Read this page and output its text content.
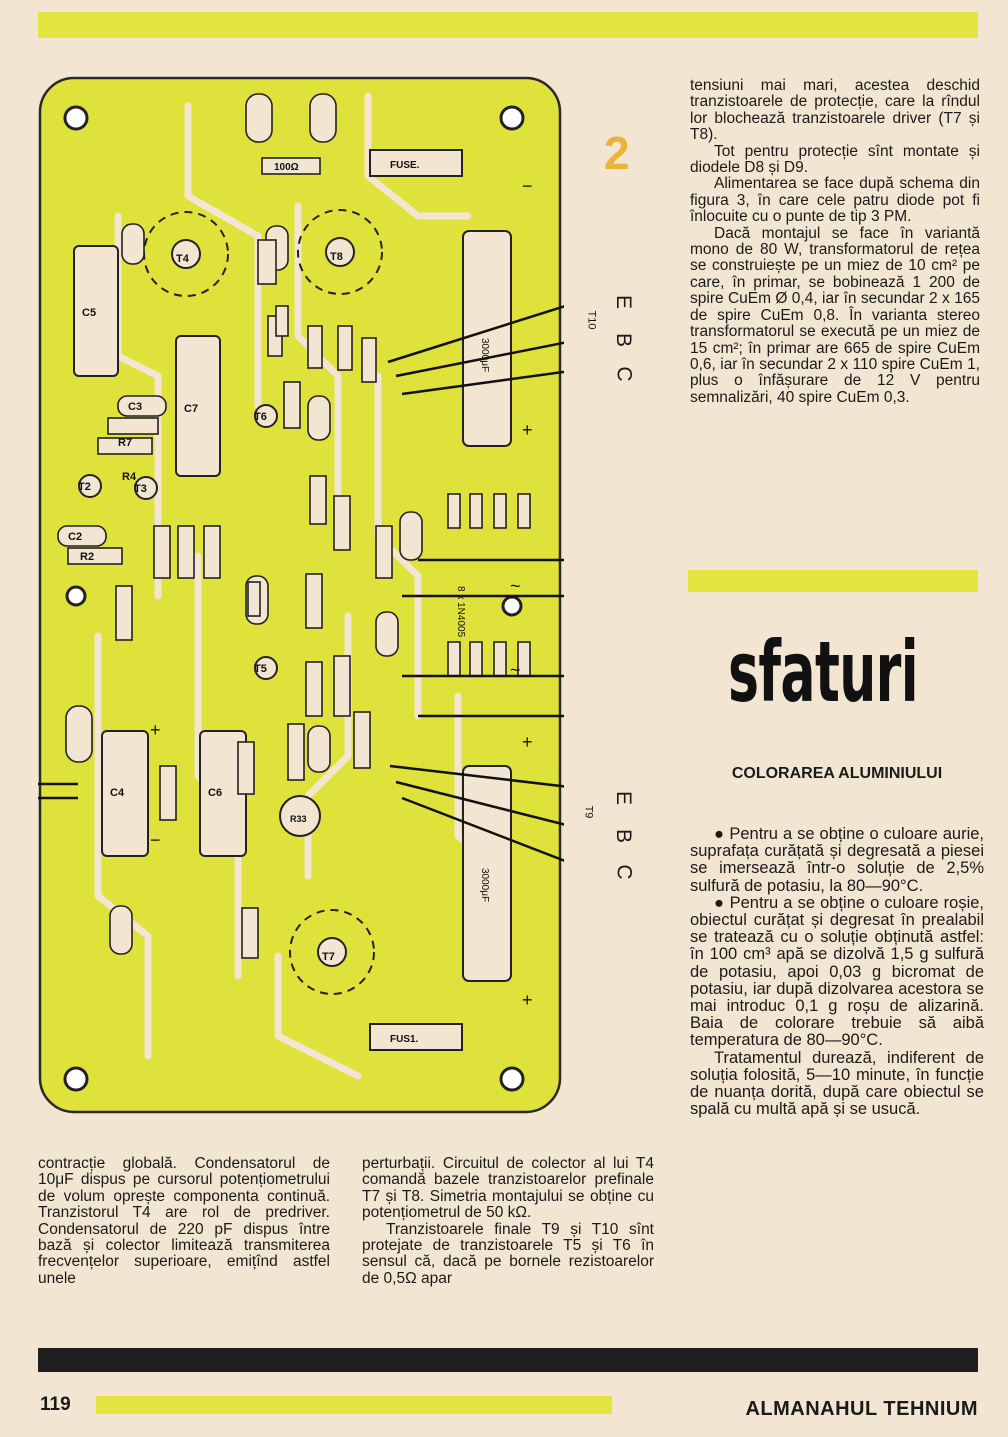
100Ω	FUSE.
FUS1.
C5
C7
C4	C6
T4	T8
T7
T2	T3
T6
T5
R4
R7
C3
C2
R2
R33
3000μF
3000μF
8 x 1N4005
−
+
+
+
+
−
~
~
2
E
B
C
T10
E
B
C
T9

tensiuni mai mari, acestea deschid tranzistoarele de protecție, care la rîndul lor blochează tranzistoarele driver (T7 și T8).

Tot pentru protecție sînt montate și diodele D8 și D9.

Alimentarea se face după schema din figura 3, în care cele patru diode pot fi înlocuite cu o punte de tip 3 PM.

Dacă montajul se face în variantă mono de 80 W, transformatorul de rețea se construiește pe un miez de 10 cm² pe care, în primar, se bobinează 1 200 de spire CuEm Ø 0,4, iar în secundar 2 x 165 de spire CuEm 0,8. În varianta stereo transformatorul se execută pe un miez de 15 cm²; în primar are 665 de spire CuEm 0,6, iar în secundar 2 x 110 spire CuEm 1, plus o înfășurare de 12 V pentru semnalizări, 40 spire CuEm 0,3.

sfaturi
COLORAREA ALUMINIULUI

● Pentru a se obține o culoare aurie, suprafața curățată și degresată a piesei se imersează într-o soluție de 2,5% sulfură de potasiu, la 80—90°C.

● Pentru a se obține o culoare roșie, obiectul curățat și degresat în prealabil se tratează cu o soluție obținută astfel: în 100 cm³ apă se dizolvă 1,5 g sulfură de potasiu, apoi 0,03 g bicromat de potasiu, iar după dizolvarea acestora se mai introduc 0,1 g roșu de alizarină. Baia de colorare trebuie să aibă temperatura de 80—90°C.

Tratamentul durează, indiferent de soluția folosită, 5—10 minute, în funcție de nuanța dorită, după care obiectul se spală cu multă apă și se usucă.

contracție globală. Condensatorul de 10μF dispus pe cursorul potențiometrului de volum oprește componenta continuă. Tranzistorul T4 are rol de predriver. Condensatorul de 220 pF dispus între bază și colector limitează transmiterea frecvențelor superioare, emițînd astfel unele

perturbații. Circuitul de colector al lui T4 comandă bazele tranzistoarelor prefinale T7 și T8. Simetria montajului se obține cu potențiometrul de 50 kΩ.

Tranzistoarele finale T9 și T10 sînt protejate de tranzistoarele T5 și T6 în sensul că, dacă pe bornele rezistoarelor de 0,5Ω apar

119	ALMANAHUL TEHNIUM
